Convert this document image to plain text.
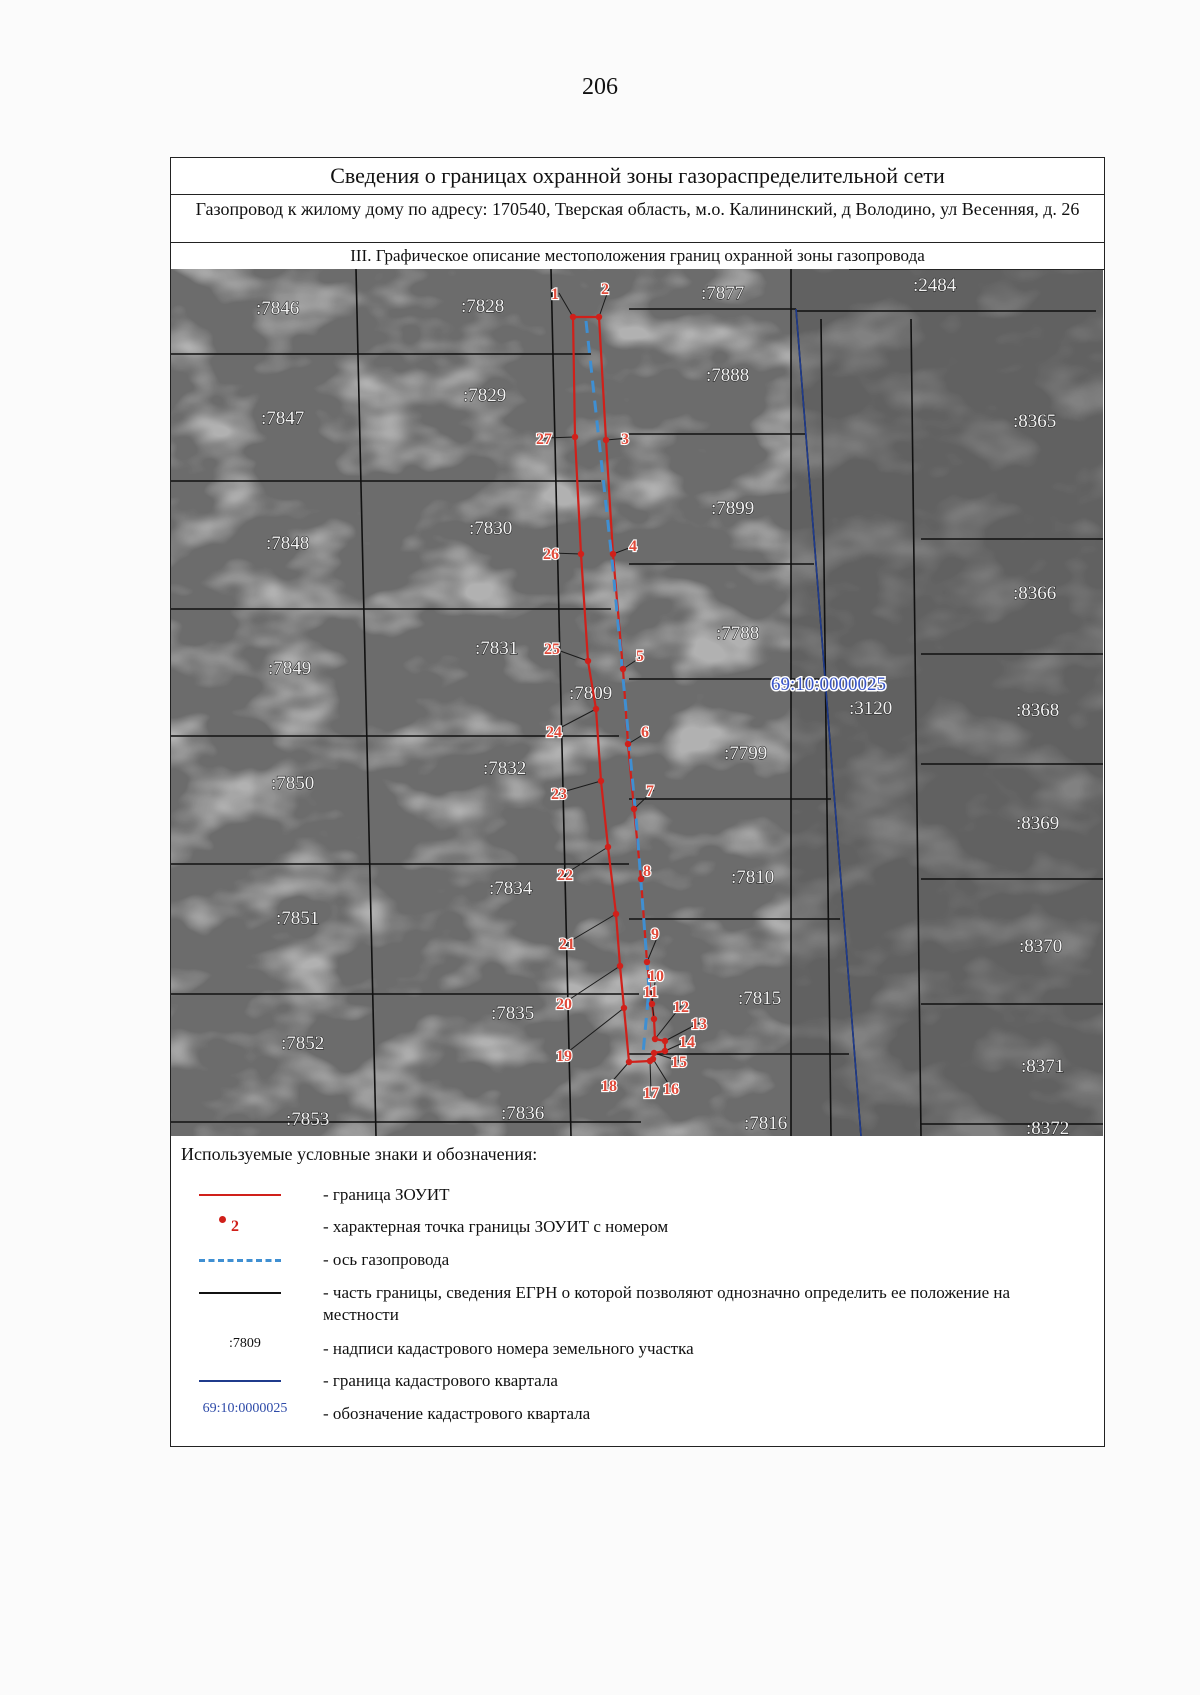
206
Сведения о границах охранной зоны газораспределительной сети
Газопровод к жилому дому по адресу: 170540, Тверская область, м.о. Калининский, д Володино, ул Весенняя, д. 26
III. Графическое описание местоположения границ охранной зоны газопровода
:7846	:7828
:7877	:2484
:7847
:7829
:7888
:8365
:7848
:7830
:7899
:8366
:7849
:7831
:7788
:7809
:3120	:8368
:7850
:7832
:7799
:8369
:7851
:7834
:7810
:8370
:7852
:7835
:7815
:8371
:7853	:7836	:7816	:8372
1	2
3
4
5
6
7
8
9
10
11
12
13
14
15
16
17
18
19
20
21
22
23
24
25
26
27
69:10:0000025
Используемые условные знаки и обозначения:
- граница ЗОУИТ
2	- характерная точка границы ЗОУИТ с номером
- ось газопровода
- часть границы, сведения ЕГРН о которой позволяют однозначно определить ее положение на местности
:7809	- надписи кадастрового номера земельного участка
- граница кадастрового квартала
69:10:0000025	- обозначение кадастрового квартала
